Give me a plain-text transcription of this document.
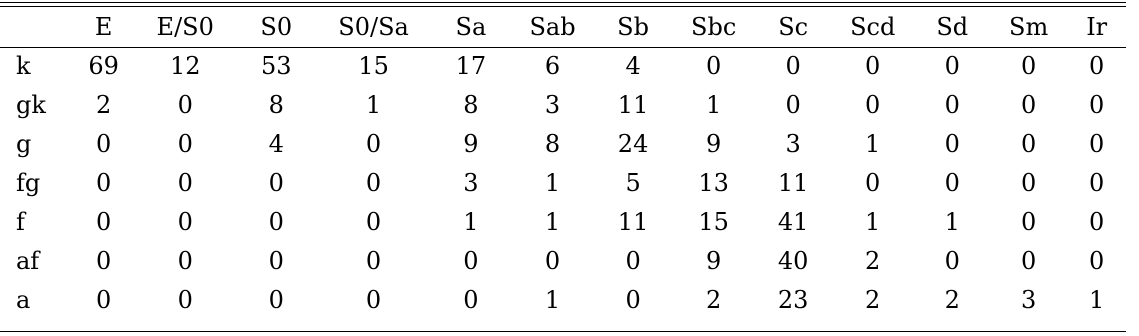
	E	E/S0	S0	S0/Sa	Sa	Sab	Sb	Sbc	Sc	Scd	Sd	Sm	Ir
k	69	12	53	15	17	6	4	0	0	0	0	0	0
gk	2	0	8	1	8	3	11	1	0	0	0	0	0
g	0	0	4	0	9	8	24	9	3	1	0	0	0
fg	0	0	0	0	3	1	5	13	11	0	0	0	0
f	0	0	0	0	1	1	11	15	41	1	1	0	0
af	0	0	0	0	0	0	0	9	40	2	0	0	0
a	0	0	0	0	0	1	0	2	23	2	2	3	1
